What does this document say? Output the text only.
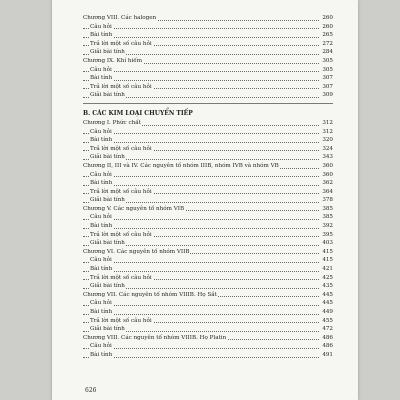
Chương VIII. Các halogen	260
Câu hỏi	260
Bài tính	265
Trả lời một số câu hỏi	272
Giải bài tính	284
Chương IX. Khí hiếm	305
Câu hỏi	305
Bài tính	307
Trả lời một số câu hỏi	307
Giải bài tính	309
B. CÁC KIM LOẠI CHUYỂN TIẾP
Chương I. Phức chất	312
Câu hỏi	312
Bài tính	320
Trả lời một số câu hỏi	324
Giải bài tính	343
Chương II, III và IV. Các nguyên tố nhóm IIIB, nhóm IVB và nhóm VB	360
Câu hỏi	360
Bài tính	362
Trả lời một số câu hỏi	364
Giải bài tính	378
Chương V. Các nguyên tố nhóm VIB	385
Câu hỏi	385
Bài tính	392
Trả lời một số câu hỏi	395
Giải bài tính	403
Chương VI. Các nguyên tố nhóm VIIB	415
Câu hỏi	415
Bài tính	421
Trả lời một số câu hỏi	425
Giải bài tính	435
Chương VII. Các nguyên tố nhóm VIIIB. Họ Sắt	445
Câu hỏi	445
Bài tính	449
Trả lời một số câu hỏi	455
Giải bài tính	472
Chương VIII. Các nguyên tố nhóm VIIIB. Họ Platin	486
Câu hỏi	486
Bài tính	491
626
